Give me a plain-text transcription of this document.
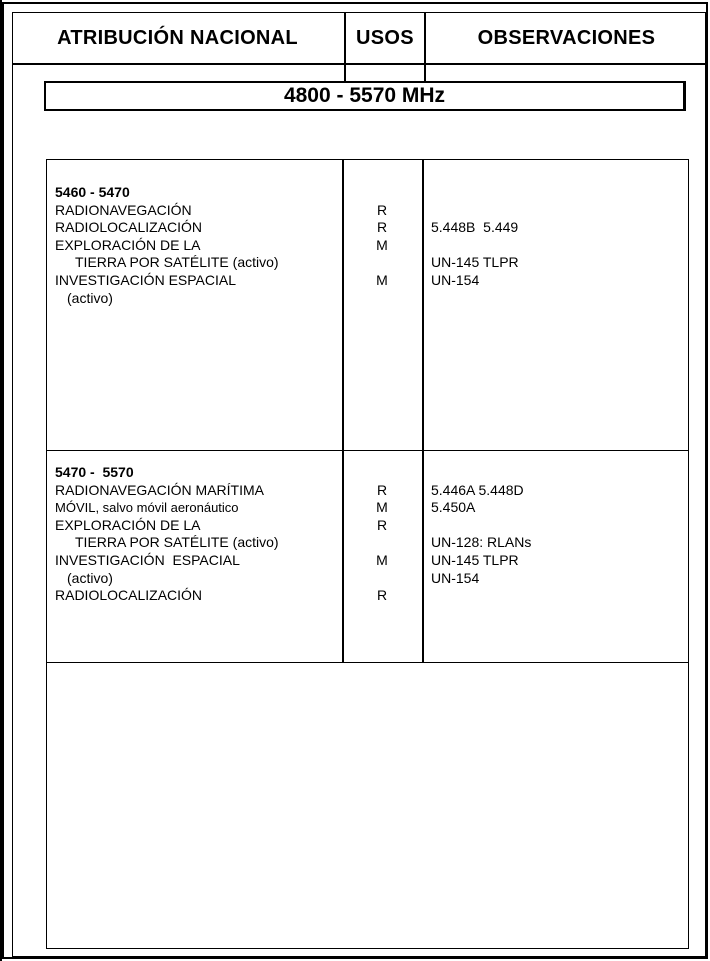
ATRIBUCIÓN NACIONAL	USOS	OBSERVACIONES
4800 - 5570 MHz
5460 - 5470
RADIONAVEGACIÓN
RADIOLOCALIZACIÓN
EXPLORACIÓN DE LA
TIERRA POR SATÉLITE (activo)
INVESTIGACIÓN ESPACIAL
(activo)
R
R
M
M
5.448B  5.449
UN-145 TLPR
UN-154
5470 -  5570
RADIONAVEGACIÓN MARÍTIMA
MÓVIL, salvo móvil aeronáutico
EXPLORACIÓN DE LA
TIERRA POR SATÉLITE (activo)
INVESTIGACIÓN  ESPACIAL
(activo)
RADIOLOCALIZACIÓN
R
M
R
M
R
5.446A 5.448D
5.450A
UN-128: RLANs
UN-145 TLPR
UN-154
